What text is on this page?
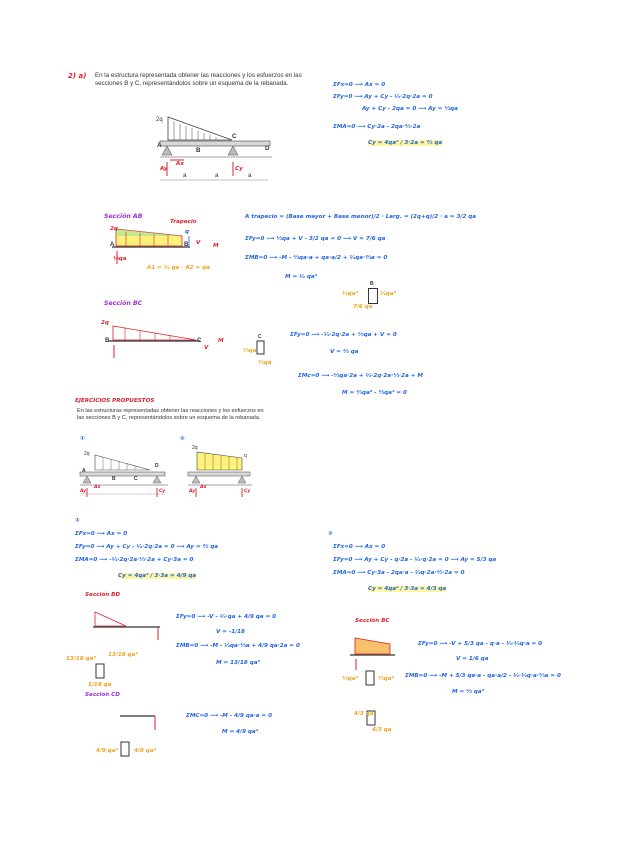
2) a) En la estructura representada obtener las reacciones y los esfuerzos en las secciones B y C, representándolos sobre un esquema de la rebanada.
2q
A
B
C
D
Ax
Ay	Cy
a	a	a
ΣFx=0 ⟶ Ax = 0
ΣFy=0 ⟶ Ay + Cy - ½·2q·2a = 0
Ay + Cy - 2qa = 0 ⟶ Ay = ⅓qa
ΣMA=0 ⟶ Cy·2a - 2qa·⅔·2a
Cy = 4qa² / 3·2a = ⅔ qa
Sección AB
Trapecio
2q	q
A	B V M
⅓qa
A1 = ½ qa · A2 = qa
A trapecio = (Base mayor + Base menor)/2 · Larg. = (2q+q)/2 · a = 3/2 qa
ΣFy=0 ⟶ ⅓qa + V - 3/2 qa = 0 ⟶ V = 7/6 qa
ΣMB=0 ⟶ -M - ⅓qa·a + qa·a/2 + ½qa·⅔a = 0
M = ½ qa²
B
½qa²	½qa²
7/6 qa
Sección BC
2q
B	C	M
V
C
⅔qa
⅔qa
ΣFy=0 ⟶ -½·2q·2a + ⅓qa + V = 0
V = ⅔ qa
ΣMc=0 ⟶ -⅓qa·2a + ½·2q·2a·⅓·2a + M
M = ⅔qa² - ⅔qa² = 0
EJERCICIOS PROPUESTOS
En las estructuras representadas obtener las reacciones y los esfuerzos en las secciones B y C, representándolos sobre un esquema de la rebanada.
①	②
2q
2q
q
A
B	C
D
Ax
Ay	Cy
Ax
Ay	Cy
①
ΣFx=0 ⟶ Ax = 0
ΣFy=0 ⟶ Ay + Cy - ½·2q·2a = 0 ⟶ Ay = ⅔ qa
ΣMA=0 ⟶ -½·2q·2a·⅓·2a + Cy·3a = 0
Cy = 4qa² / 3·3a = 4/9 qa
Sección BD
ΣFy=0 ⟶ -V - ½·qa + 4/9 qa = 0
V = -1/18
ΣMB=0 ⟶ -M - ½qa·⅓a + 4/9 qa·2a = 0
M = 13/18 qa²
13/18 qa²
13/18 qa²
1/18 qa
Sección CD
ΣMC=0 ⟶ -M - 4/9 qa·a = 0
M = 4/9 qa²
4/9 qa²	4/9 qa²
②
ΣFx=0 ⟶ Ax = 0
ΣFy=0 ⟶ Ay + Cy - q·2a - ½·q·2a = 0 ⟶ Ay = 5/3 qa
ΣMA=0 ⟶ Cy·3a - 2qa·a - ½q·2a·⅔·2a = 0
Cy = 4qa² / 3·3a = 4/3 qa
Sección BC
ΣFy=0 ⟶ -V + 5/3 qa - q·a - ½·½q·a = 0
V = 1/6 qa
ΣMB=0 ⟶ -M + 5/3 qa·a - qa·a/2 - ½·½q·a·⅔a = 0
M = ⅔ qa²
⅔qa²	⅔qa²
4/3 qa
4/3 qa
